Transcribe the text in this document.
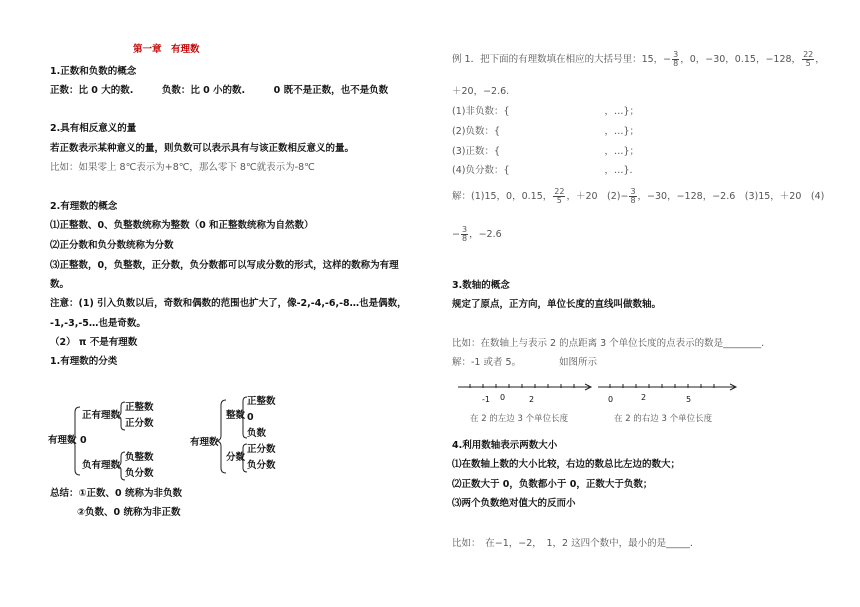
第一章　有理数
1.正数和负数的概念
正数：比 0 大的数.　　　负数：比 0 小的数.　　　0 既不是正数，也不是负数
2.具有相反意义的量
若正数表示某种意义的量，则负数可以表示具有与该正数相反意义的量。
比如：如果零上 8℃表示为+8℃，那么零下 8℃就表示为-8℃
2.有理数的概念
⑴正整数、0、负整数统称为整数（0 和正整数统称为自然数）
⑵正分数和负分数统称为分数
⑶正整数，0，负整数，正分数，负分数都可以写成分数的形式，这样的数称为有理
数。
注意：(1) 引入负数以后，奇数和偶数的范围也扩大了，像-2,-4,-6,-8…也是偶数，
-1,-3,-5…也是奇数。
（2） π 不是有理数
1.有理数的分类
有理数
正有理数
正整数
正分数
0
负有理数
负整数
负分数
有理数
整数
正整数
0
负数
分数
正分数
负分数
总结：①正数、0 统称为非负数
②负数、0 统称为非正数
例 1．把下面的有理数填在相应的大括号里：15，− $\frac{3}{8}$ ，0，−30，0.15，−128， $\frac{22}{5}$ ，
＋20，−2.6.
(1)非负数：{　　　　　　　　　　，…}；
(2)负数：{　　　　　　　　　　　，…}；
(3)正数：{　　　　　　　　　　　，…}；
(4)负分数：{　　　　　　　　　　，…}.
解：(1)15，0，0.15， $\frac{22}{5}$ ，＋20　$(2)- \frac{3}{8}$ ，−30，−128，−2.6　(3)15，＋20　(4)
− $\frac{3}{8}$ ，−2.6
3.数轴的概念
规定了原点，正方向，单位长度的直线叫做数轴。
比如：在数轴上与表示 2 的点距离 3 个单位长度的点表示的数是________.
解：-1 或者 5。	如图所示
-1 0	2
在 2 的左边 3 个单位长度
0	2	5
在 2 的右边 3 个单位长度
4.利用数轴表示两数大小
⑴在数轴上数的大小比较，右边的数总比左边的数大；
⑵正数大于 0，负数都小于 0，正数大于负数；
⑶两个负数绝对值大的反而小
比如：　在−1，−2，　1，2 这四个数中，最小的是_____.
